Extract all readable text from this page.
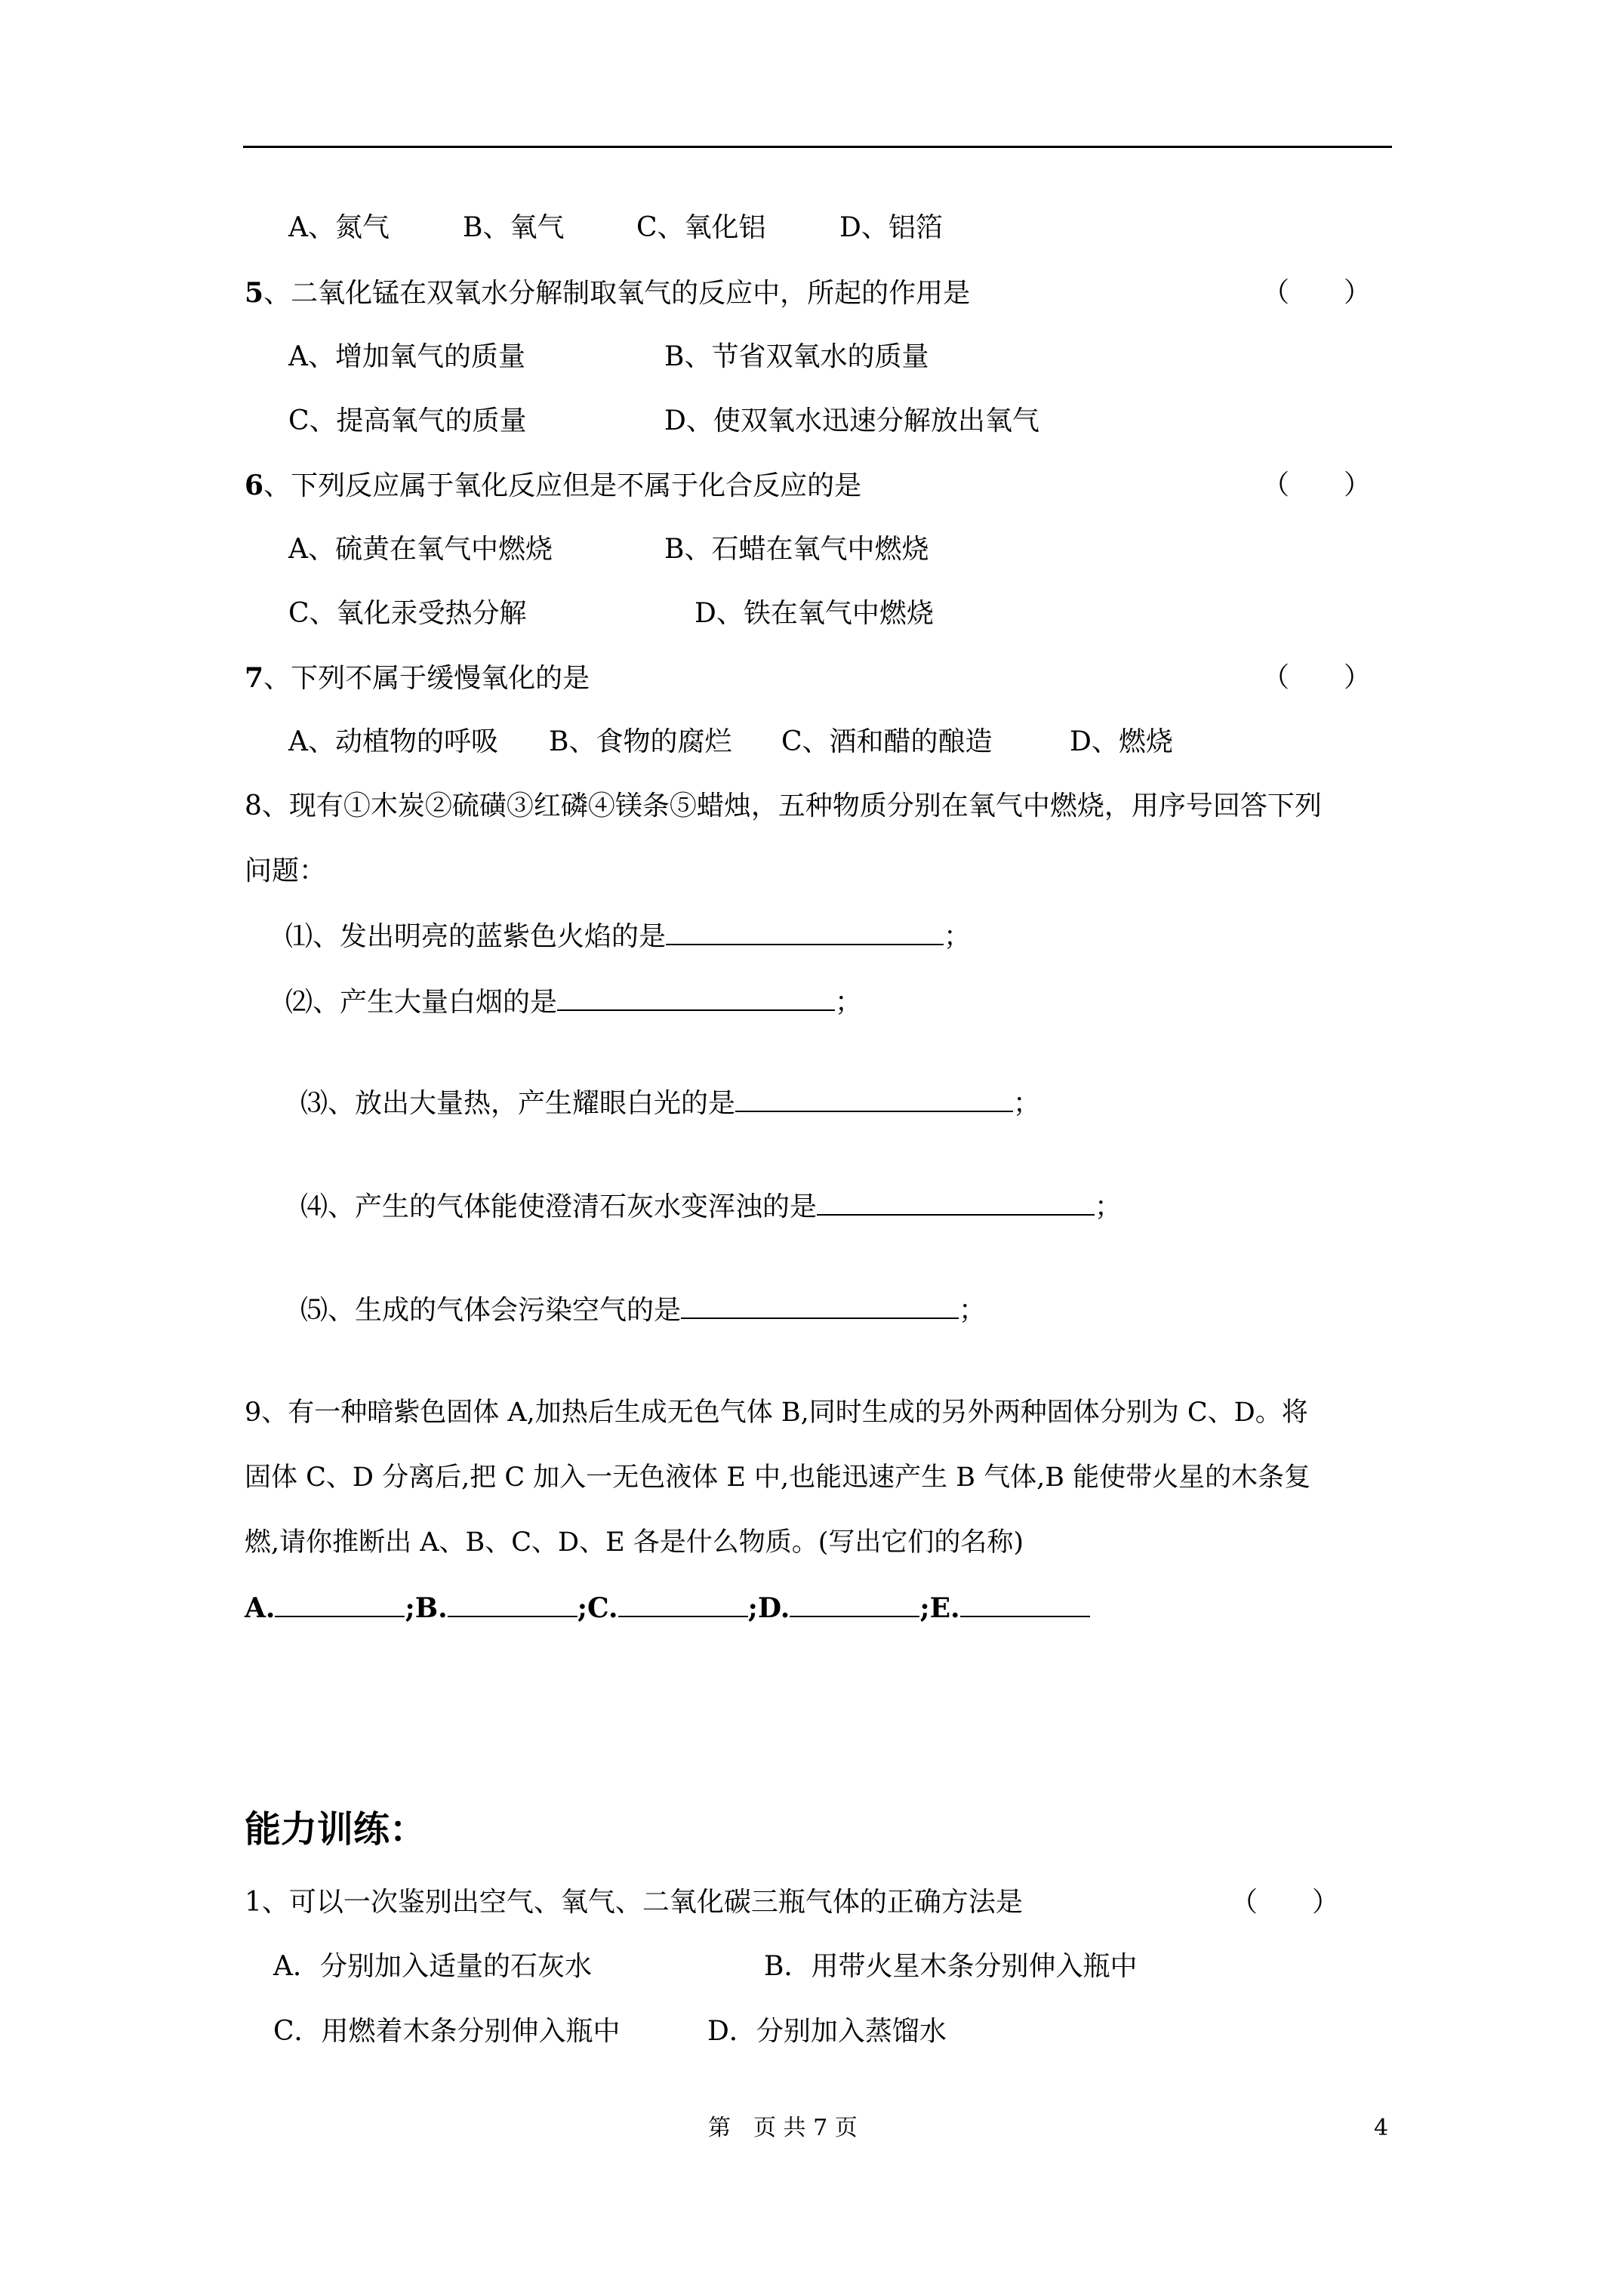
A、氮气	B、氧气	C、氧化铝	D、铝箔
5、二氧化锰在双氧水分解制取氧气的反应中，所起的作用是	（　　）
A、增加氧气的质量	B、节省双氧水的质量
C、提高氧气的质量	D、使双氧水迅速分解放出氧气
6、下列反应属于氧化反应但是不属于化合反应的是	（　　）
A、硫黄在氧气中燃烧	B、石蜡在氧气中燃烧
C、氧化汞受热分解	D、铁在氧气中燃烧
7、下列不属于缓慢氧化的是	（　　）
A、动植物的呼吸 B、食物的腐烂 C、酒和醋的酿造	D、燃烧
8、现有①木炭②硫磺③红磷④镁条⑤蜡烛，五种物质分别在氧气中燃烧，用序号回答下列
问题：
⑴、发出明亮的蓝紫色火焰的是	；
⑵、产生大量白烟的是	；
⑶、放出大量热，产生耀眼白光的是	；
⑷、产生的气体能使澄清石灰水变浑浊的是	；
⑸、生成的气体会污染空气的是	；
9、有一种暗紫色固体 A,加热后生成无色气体 B,同时生成的另外两种固体分别为 C、D。将
固体 C、D 分离后,把 C 加入一无色液体 E 中,也能迅速产生 B 气体,B 能使带火星的木条复
燃,请你推断出 A、B、C、D、E 各是什么物质。(写出它们的名称)
A.	;B.	;C.	;D.	;E.
能力训练：
1、可以一次鉴别出空气、氧气、二氧化碳三瓶气体的正确方法是	（　　）
A．分别加入适量的石灰水	B．用带火星木条分别伸入瓶中
C．用燃着木条分别伸入瓶中	D．分别加入蒸馏水
第　页 共 7 页	4
